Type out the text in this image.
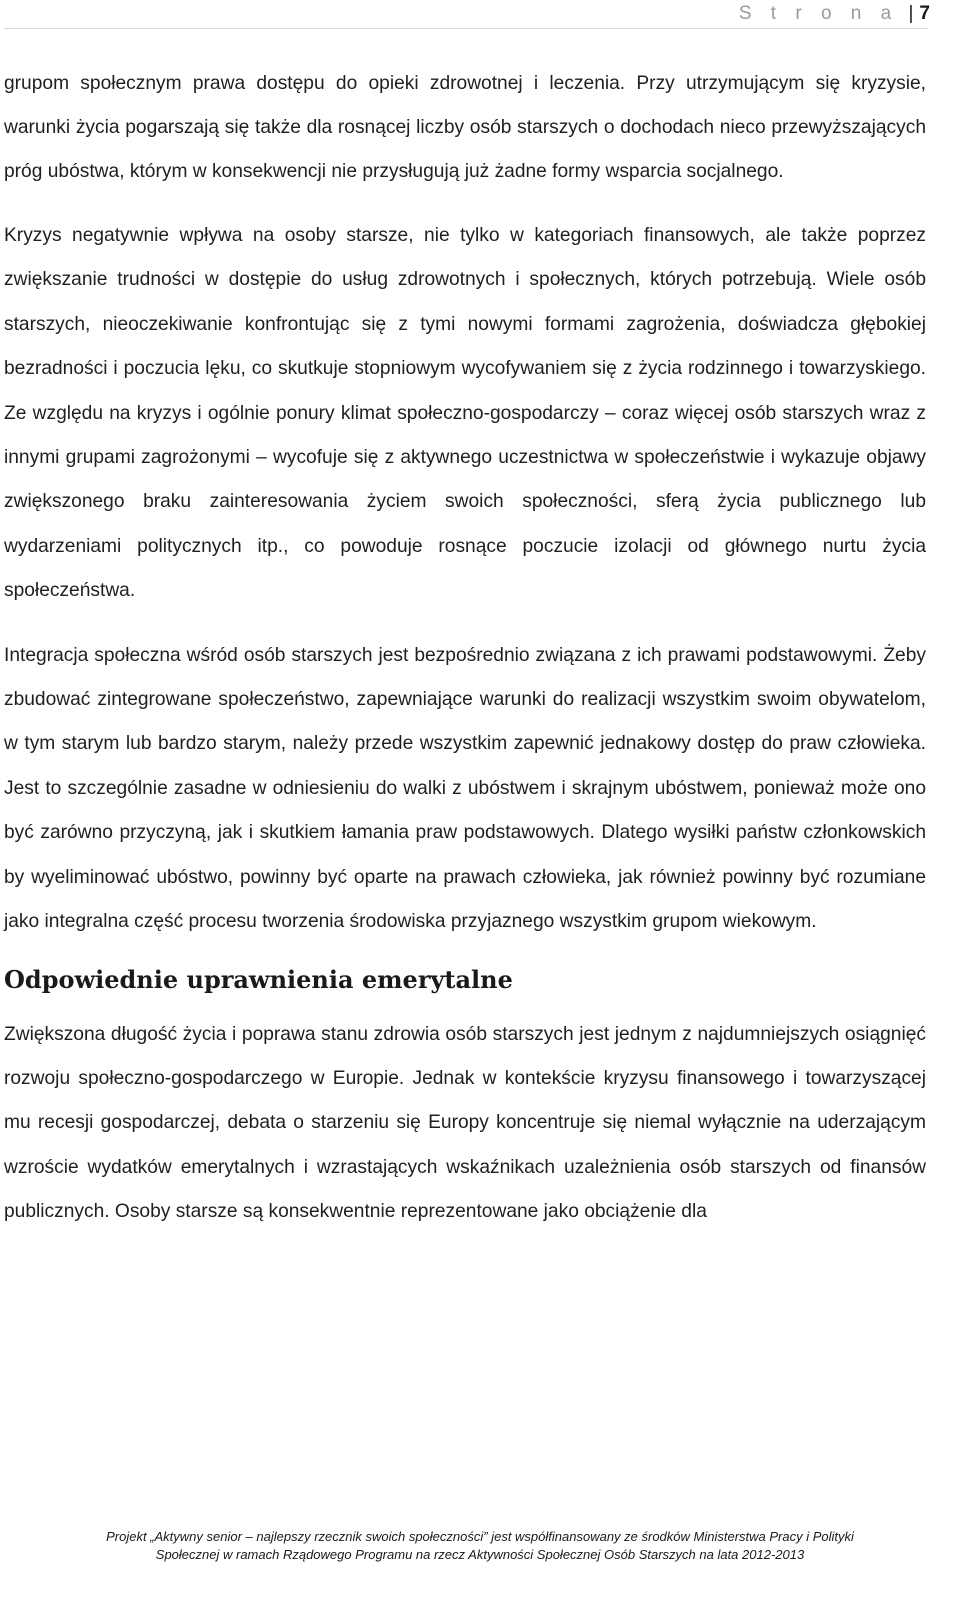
S t r o n a | 7

grupom społecznym prawa dostępu do opieki zdrowotnej i leczenia. Przy utrzymującym się kryzysie, warunki życia pogarszają się także dla rosnącej liczby osób starszych o dochodach nieco przewyższających próg ubóstwa, którym w konsekwencji nie przysługują już żadne formy wsparcia socjalnego.

Kryzys negatywnie wpływa na osoby starsze, nie tylko w kategoriach finansowych, ale także poprzez zwiększanie trudności w dostępie do usług zdrowotnych i społecznych, których potrzebują. Wiele osób starszych, nieoczekiwanie konfrontując się z tymi nowymi formami zagrożenia, doświadcza głębokiej bezradności i poczucia lęku, co skutkuje stopniowym wycofywaniem się z życia rodzinnego i towarzyskiego. Ze względu na kryzys i ogólnie ponury klimat społeczno-gospodarczy – coraz więcej osób starszych wraz z innymi grupami zagrożonymi – wycofuje się z aktywnego uczestnictwa w społeczeństwie i wykazuje objawy zwiększonego braku zainteresowania życiem swoich społeczności, sferą życia publicznego lub wydarzeniami politycznych itp., co powoduje rosnące poczucie izolacji od głównego nurtu życia społeczeństwa.

Integracja społeczna wśród osób starszych jest bezpośrednio związana z ich prawami podstawowymi. Żeby zbudować zintegrowane społeczeństwo, zapewniające warunki do realizacji wszystkim swoim obywatelom, w tym starym lub bardzo starym, należy przede wszystkim zapewnić jednakowy dostęp do praw człowieka. Jest to szczególnie zasadne w odniesieniu do walki z ubóstwem i skrajnym ubóstwem, ponieważ może ono być zarówno przyczyną, jak i skutkiem łamania praw podstawowych. Dlatego wysiłki państw członkowskich by wyeliminować ubóstwo, powinny być oparte na prawach człowieka, jak również powinny być rozumiane jako integralna część procesu tworzenia środowiska przyjaznego wszystkim grupom wiekowym.

Odpowiednie uprawnienia emerytalne

Zwiększona długość życia i poprawa stanu zdrowia osób starszych jest jednym z najdumniejszych osiągnięć rozwoju społeczno-gospodarczego w Europie. Jednak w kontekście kryzysu finansowego i towarzyszącej mu recesji gospodarczej, debata o starzeniu się Europy koncentruje się niemal wyłącznie na uderzającym wzroście wydatków emerytalnych i wzrastających wskaźnikach uzależnienia osób starszych od finansów publicznych. Osoby starsze są konsekwentnie reprezentowane jako obciążenie dla

Projekt „Aktywny senior – najlepszy rzecznik swoich społeczności” jest współfinansowany ze środków Ministerstwa Pracy i Polityki
Społecznej w ramach Rządowego Programu na rzecz Aktywności Społecznej Osób Starszych na lata 2012-2013
